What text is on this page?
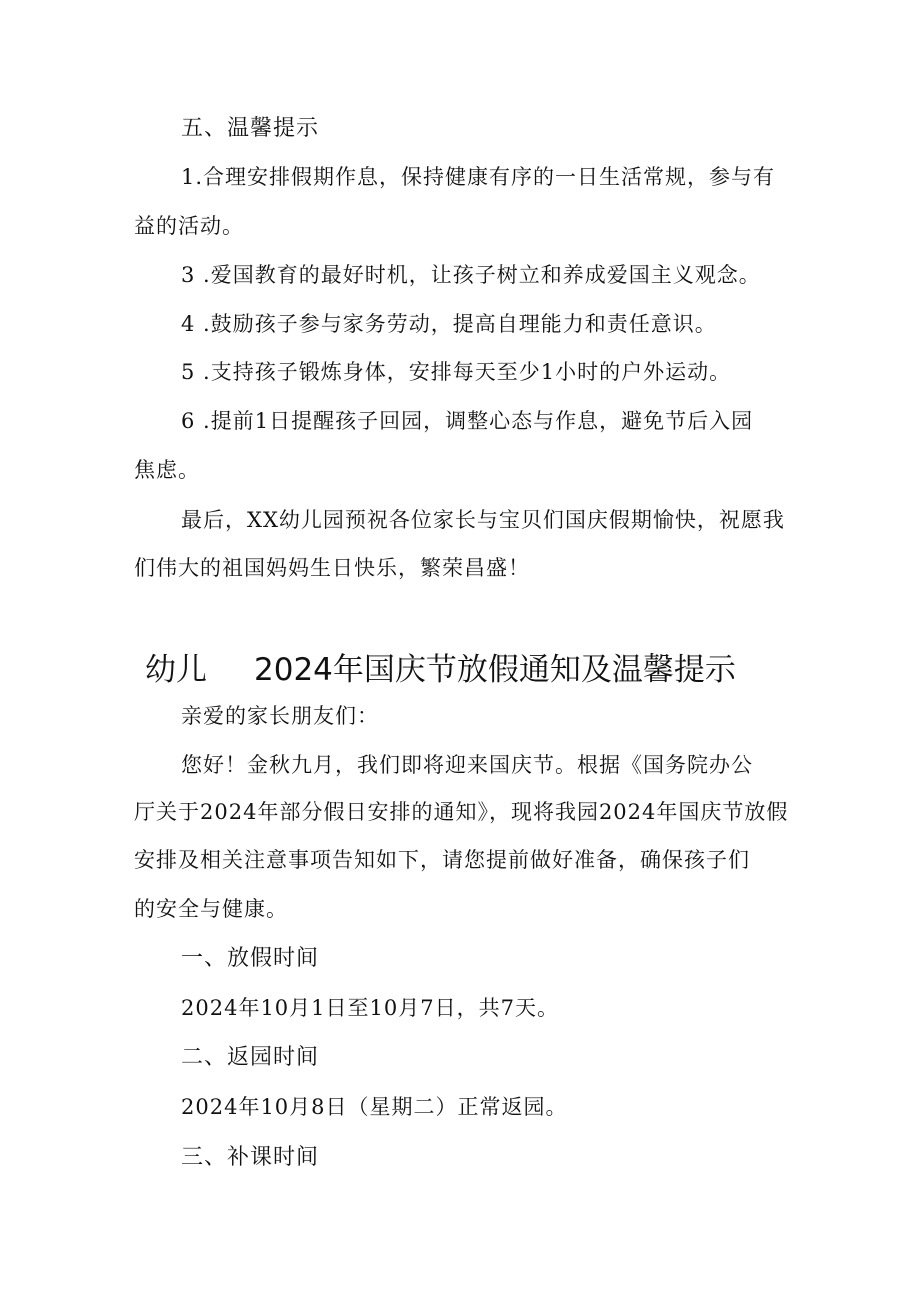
五、温馨提示
1.合理安排假期作息，保持健康有序的一日生活常规，参与有
益的活动。
3 .爱国教育的最好时机，让孩子树立和养成爱国主义观念。
4 .鼓励孩子参与家务劳动，提高自理能力和责任意识。
5 .支持孩子锻炼身体，安排每天至少1小时的户外运动。
6 .提前1日提醒孩子回园，调整心态与作息，避免节后入园
焦虑。
最后，XX幼儿园预祝各位家长与宝贝们国庆假期愉快，祝愿我
们伟大的祖国妈妈生日快乐，繁荣昌盛！
幼儿 2024年国庆节放假通知及温馨提示
亲爱的家长朋友们：
您好！金秋九月，我们即将迎来国庆节。根据《国务院办公
厅关于2024年部分假日安排的通知》，现将我园2024年国庆节放假
安排及相关注意事项告知如下，请您提前做好准备，确保孩子们
的安全与健康。
一、放假时间
2024年10月1日至10月7日，共7天。
二、返园时间
2024年10月8日（星期二）正常返园。
三、补课时间
